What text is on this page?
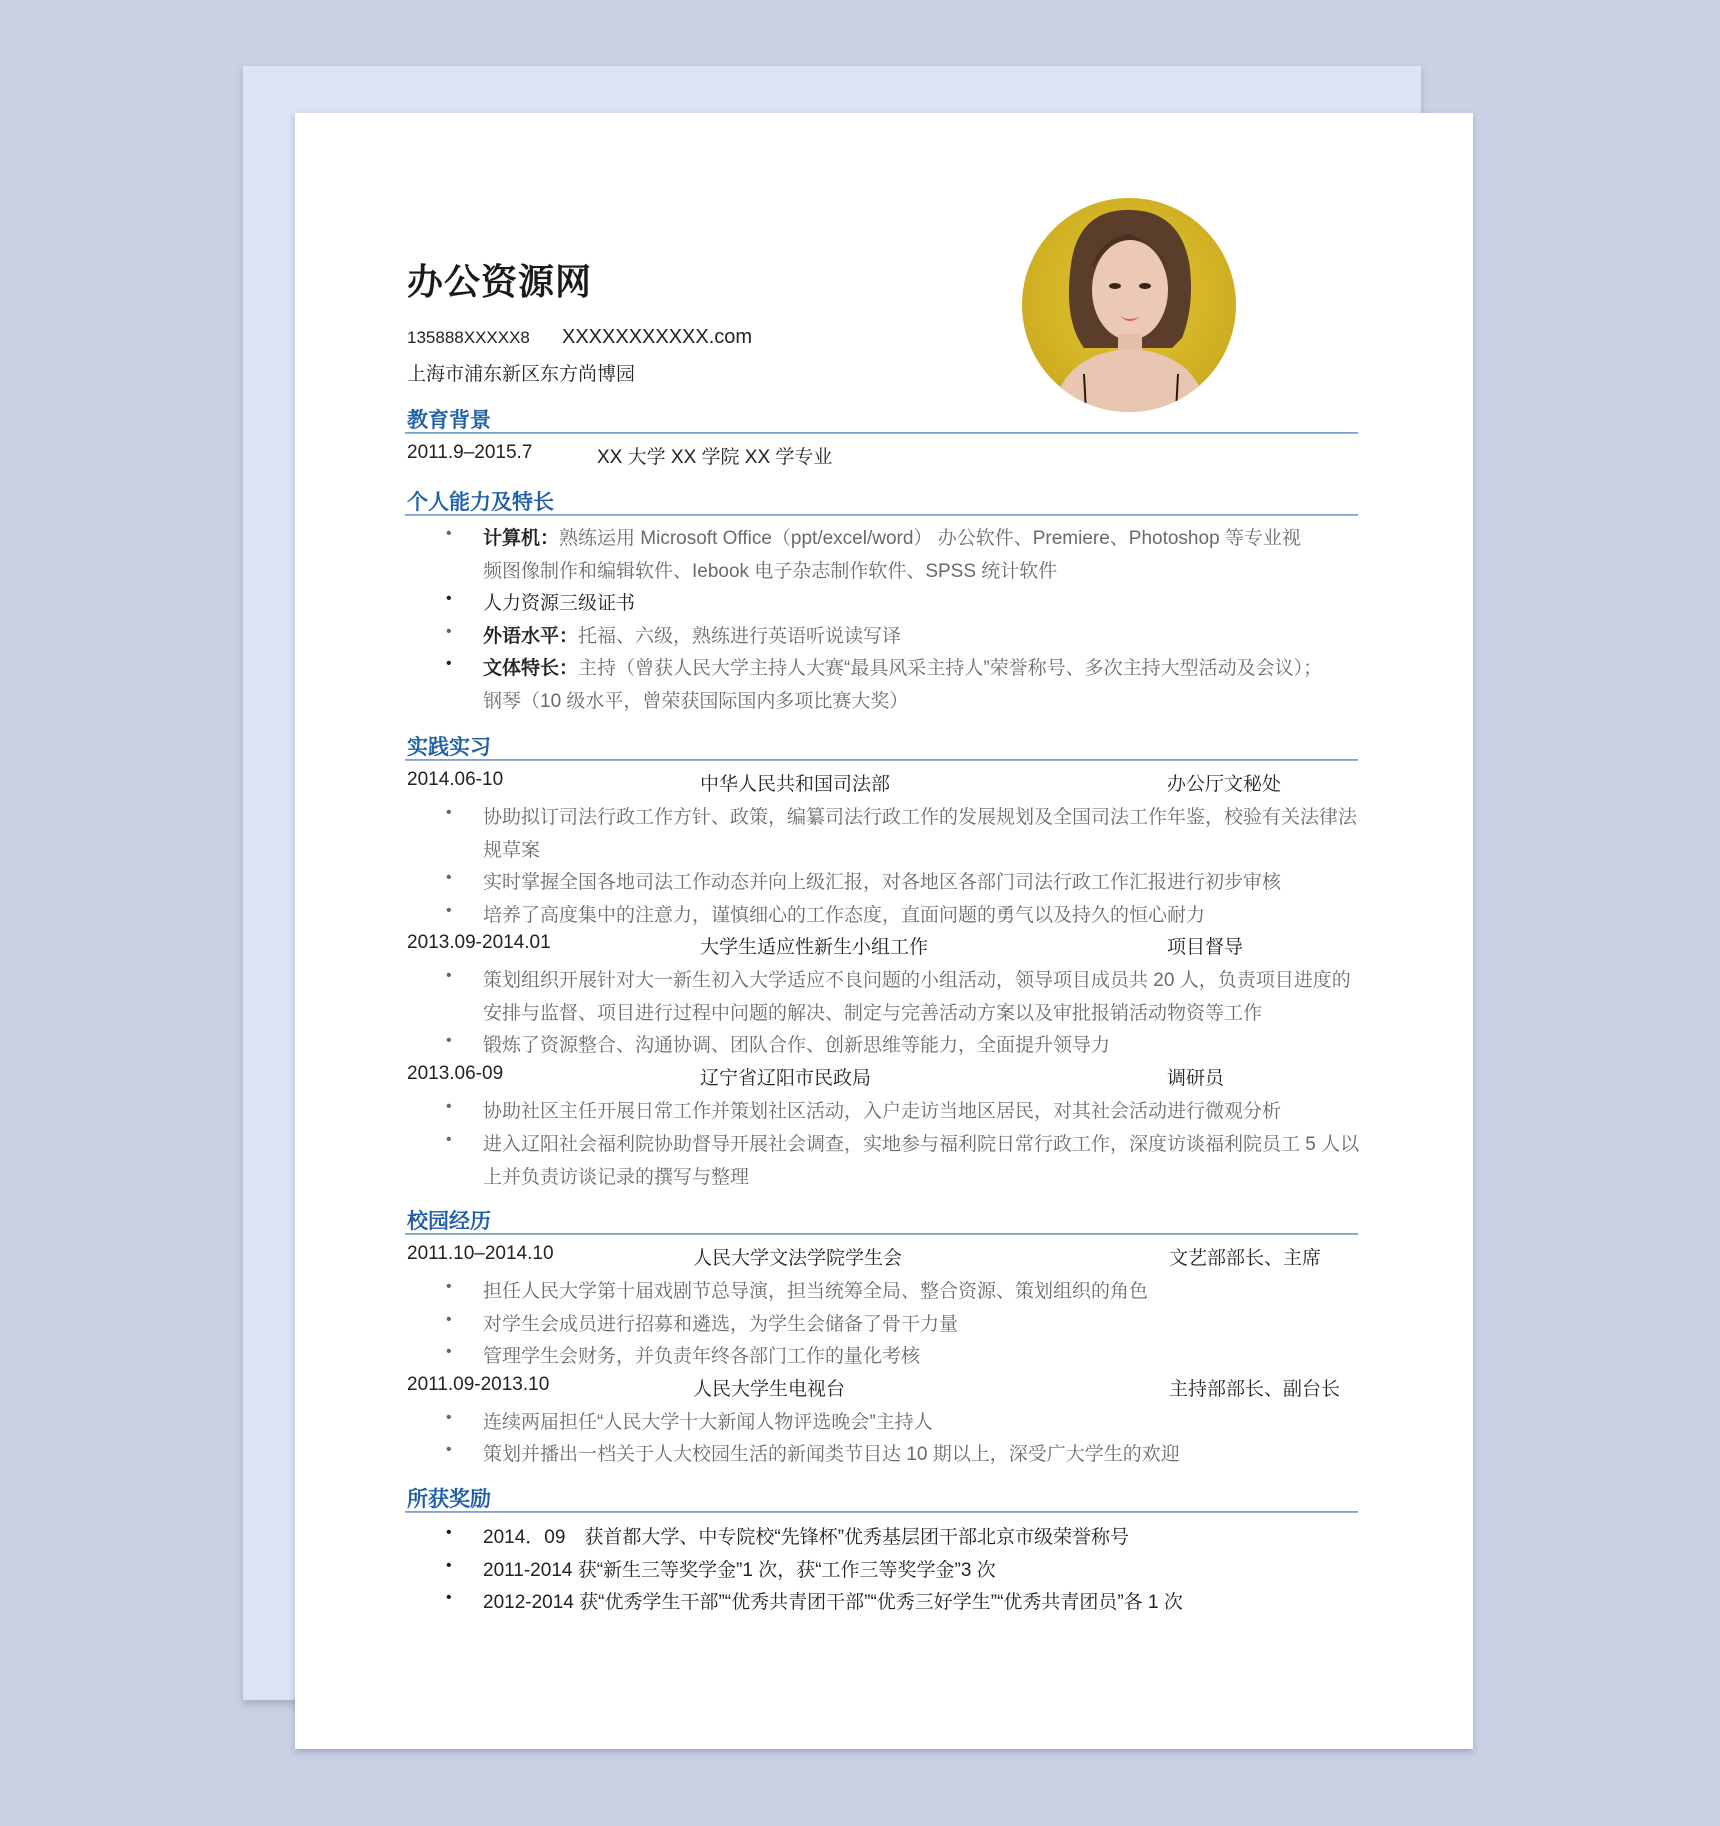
办公资源网
135888XXXXX8 XXXXXXXXXXX.com
上海市浦东新区东方尚博园
教育背景
2011.9–2015.7	XX 大学 XX 学院 XX 学专业
个人能力及特长
• 计算机：熟练运用 Microsoft Office（ppt/excel/word） 办公软件、Premiere、Photoshop 等专业视
频图像制作和编辑软件、Iebook 电子杂志制作软件、SPSS 统计软件
• 人力资源三级证书
• 外语水平：托福、六级，熟练进行英语听说读写译
• 文体特长：主持（曾获人民大学主持人大赛“最具风采主持人”荣誉称号、多次主持大型活动及会议）；
钢琴（10 级水平，曾荣获国际国内多项比赛大奖）
实践实习
2014.06-10	中华人民共和国司法部	办公厅文秘处
• 协助拟订司法行政工作方针、政策，编纂司法行政工作的发展规划及全国司法工作年鉴，校验有关法律法
规草案
• 实时掌握全国各地司法工作动态并向上级汇报，对各地区各部门司法行政工作汇报进行初步审核
• 培养了高度集中的注意力，谨慎细心的工作态度，直面问题的勇气以及持久的恒心耐力
2013.09-2014.01	大学生适应性新生小组工作	项目督导
• 策划组织开展针对大一新生初入大学适应不良问题的小组活动，领导项目成员共 20 人，负责项目进度的
安排与监督、项目进行过程中问题的解决、制定与完善活动方案以及审批报销活动物资等工作
• 锻炼了资源整合、沟通协调、团队合作、创新思维等能力，全面提升领导力
2013.06-09	辽宁省辽阳市民政局	调研员
• 协助社区主任开展日常工作并策划社区活动，入户走访当地区居民，对其社会活动进行微观分析
• 进入辽阳社会福利院协助督导开展社会调查，实地参与福利院日常行政工作，深度访谈福利院员工 5 人以
上并负责访谈记录的撰写与整理
校园经历
2011.10–2014.10	人民大学文法学院学生会	文艺部部长、主席
• 担任人民大学第十届戏剧节总导演，担当统筹全局、整合资源、策划组织的角色
• 对学生会成员进行招募和遴选，为学生会储备了骨干力量
• 管理学生会财务，并负责年终各部门工作的量化考核
2011.09-2013.10	人民大学生电视台	主持部部长、副台长
• 连续两届担任“人民大学十大新闻人物评选晚会”主持人
• 策划并播出一档关于人大校园生活的新闻类节目达 10 期以上，深受广大学生的欢迎
所获奖励
• 2014．09　获首都大学、中专院校“先锋杯”优秀基层团干部北京市级荣誉称号
• 2011-2014 获“新生三等奖学金”1 次，获“工作三等奖学金”3 次
• 2012-2014 获“优秀学生干部”“优秀共青团干部”“优秀三好学生”“优秀共青团员”各 1 次
